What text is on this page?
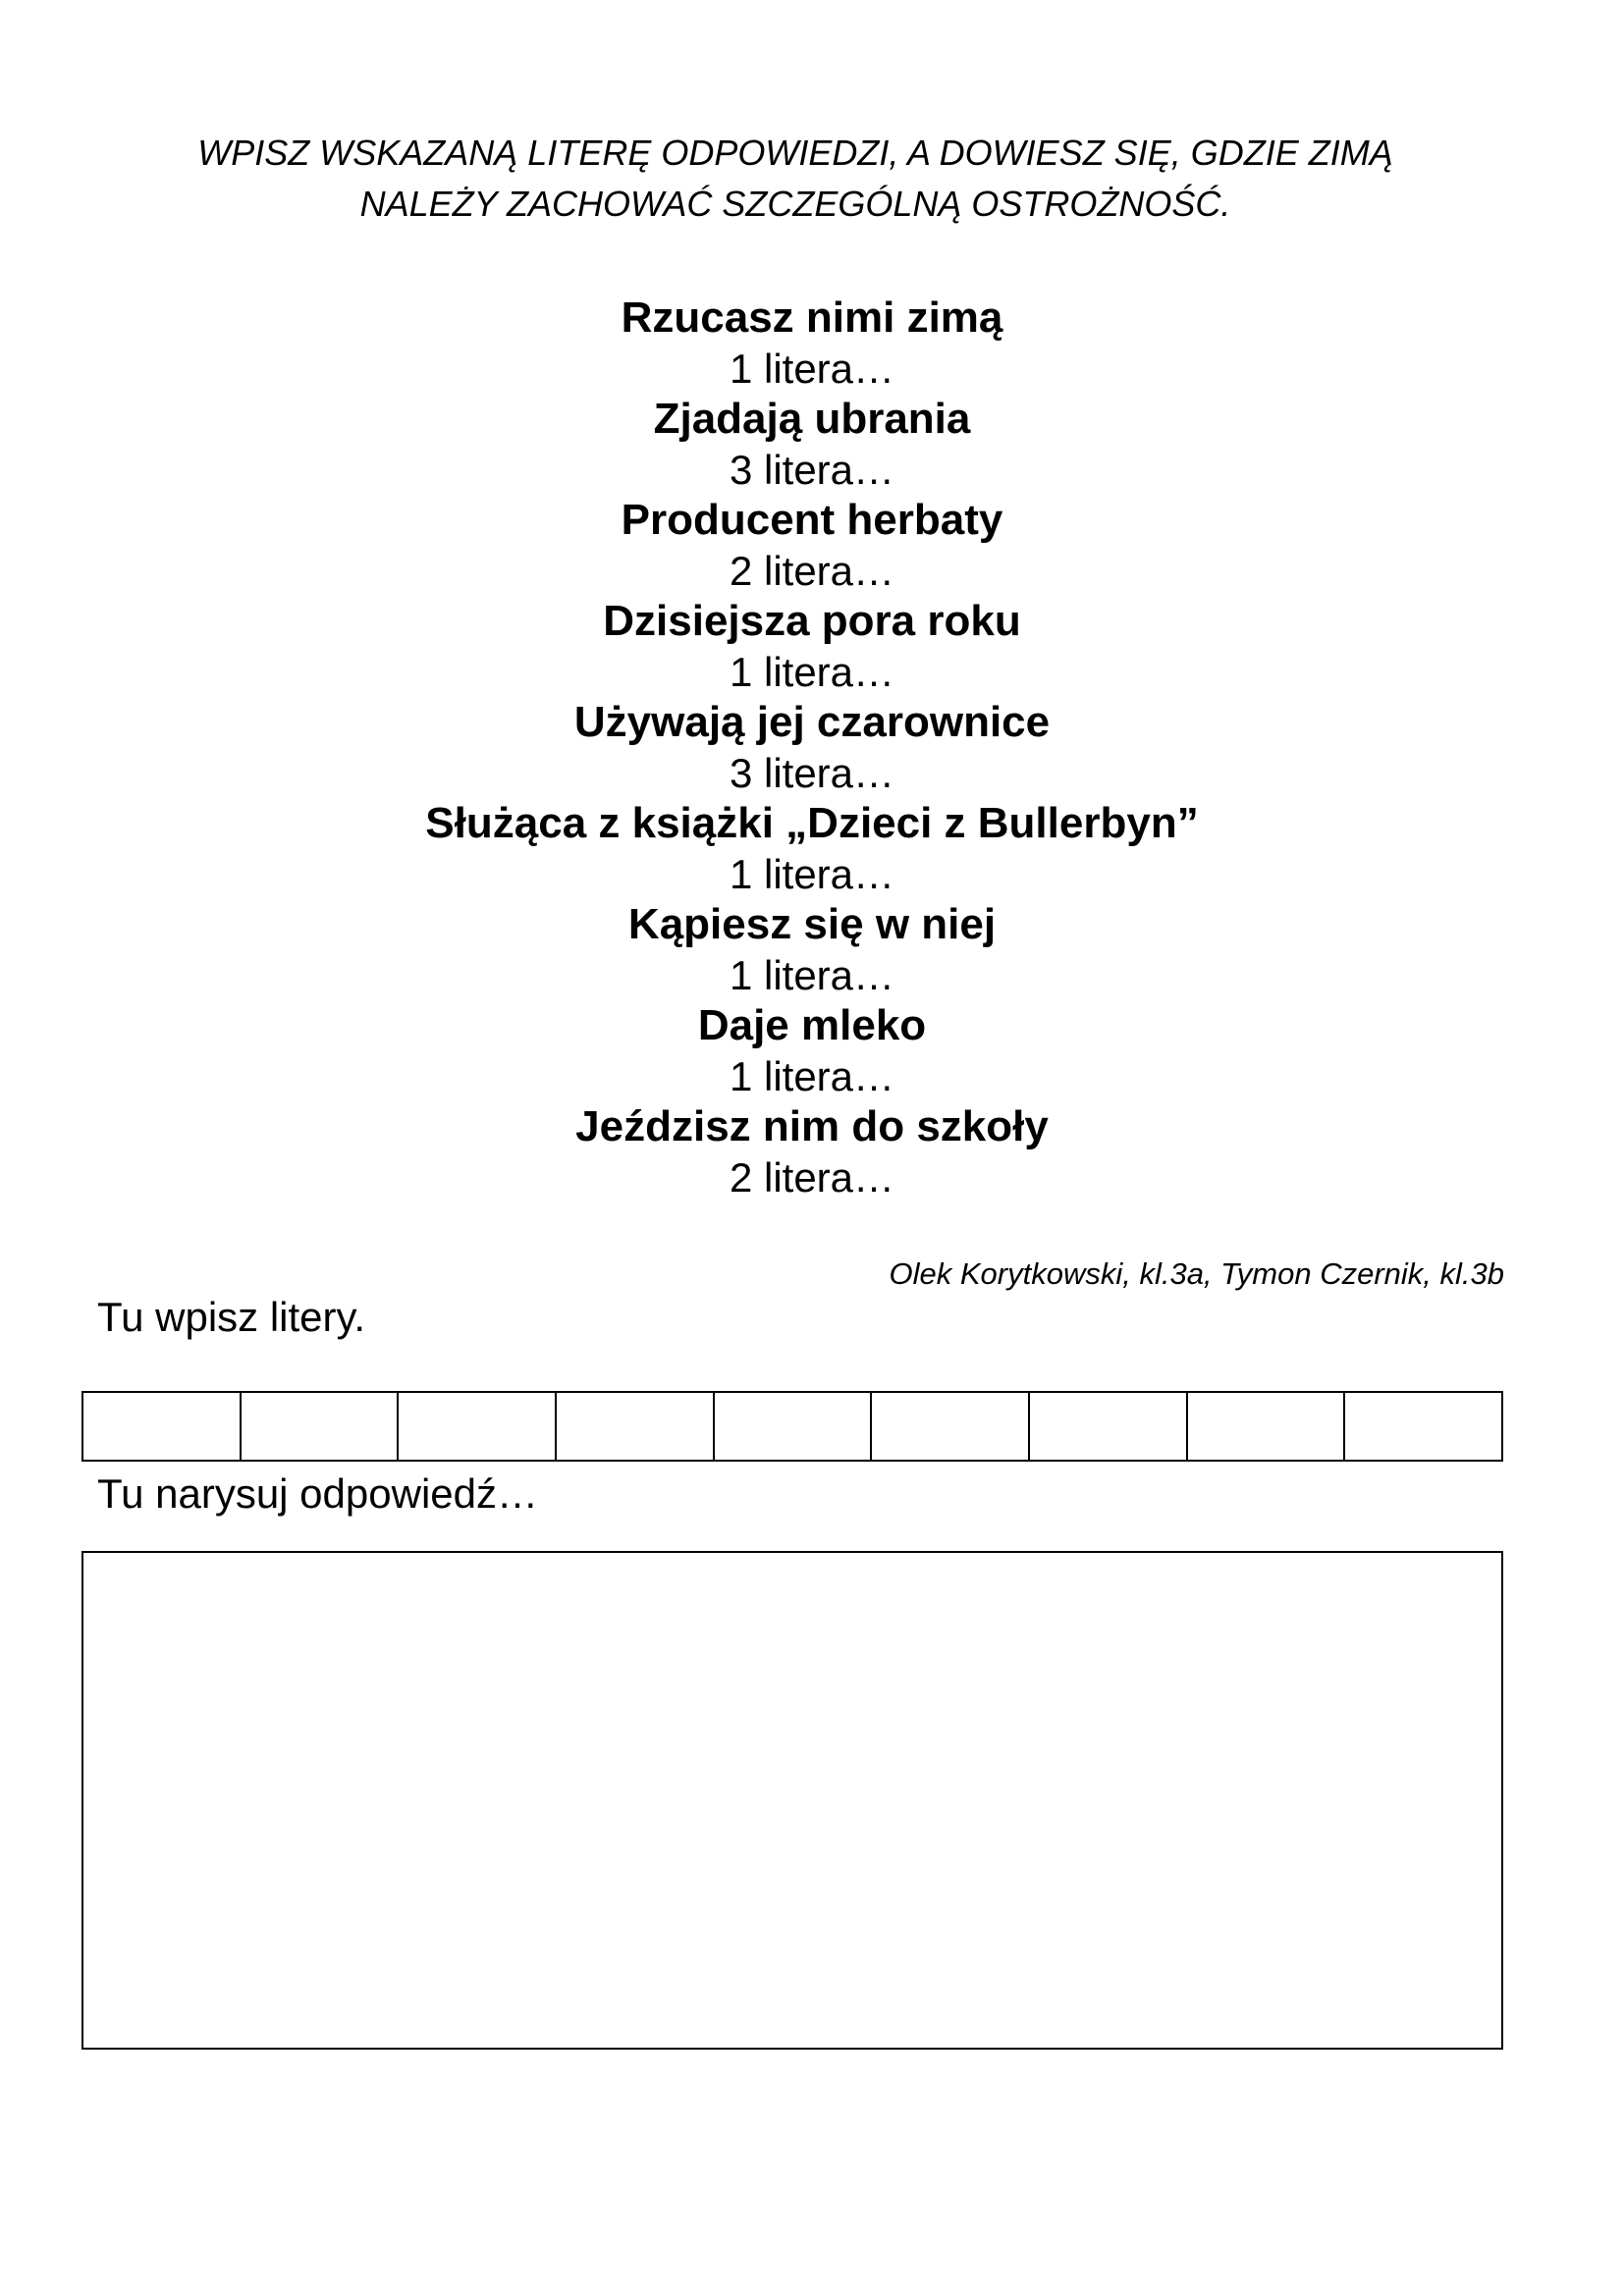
WPISZ WSKAZANĄ LITERĘ ODPOWIEDZI, A DOWIESZ SIĘ, GDZIE ZIMĄ
NALEŻY ZACHOWAĆ SZCZEGÓLNĄ OSTROŻNOŚĆ.
Rzucasz nimi zimą
1 litera…
Zjadają ubrania
3 litera…
Producent herbaty
2 litera…
Dzisiejsza pora roku
1 litera…
Używają jej czarownice
3 litera…
Służąca z książki „Dzieci z Bullerbyn”
1 litera…
Kąpiesz się w niej
1 litera…
Daje mleko
1 litera…
Jeździsz nim do szkoły
2 litera…
Olek Korytkowski, kl.3a, Tymon Czernik, kl.3b
Tu wpisz litery.
Tu narysuj odpowiedź…
